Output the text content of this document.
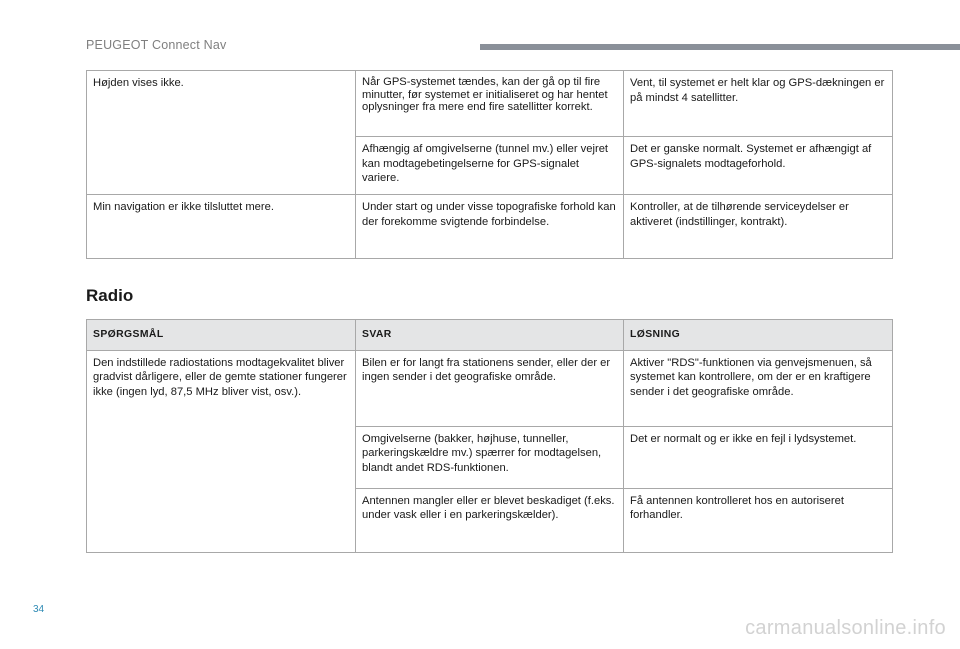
PEUGEOT Connect Nav
Højden vises ikke.	Når GPS-systemet tændes, kan der gå op til fire minutter, før systemet er initialiseret og har hentet oplysninger fra mere end fire satellitter korrekt.	Vent, til systemet er helt klar og GPS-dækningen er på mindst 4 satellitter.
	Afhængig af omgivelserne (tunnel mv.) eller vejret kan modtagebetingelserne for GPS-signalet variere.	Det er ganske normalt. Systemet er afhængigt af GPS-signalets modtageforhold.
Min navigation er ikke tilsluttet mere.	Under start og under visse topografiske forhold kan der forekomme svigtende forbindelse.	Kontroller, at de tilhørende serviceydelser er aktiveret (indstillinger, kontrakt).
Radio
SPØRGSMÅL	SVAR	LØSNING
Den indstillede radiostations modtagekvalitet bliver gradvist dårligere, eller de gemte stationer fungerer ikke (ingen lyd, 87,5 MHz bliver vist, osv.).	Bilen er for langt fra stationens sender, eller der er ingen sender i det geografiske område.	Aktiver "RDS"-funktionen via genvejsmenuen, så systemet kan kontrollere, om der er en kraftigere sender i det geografiske område.
	Omgivelserne (bakker, højhuse, tunneller, parkeringskældre mv.) spærrer for modtagelsen, blandt andet RDS-funktionen.	Det er normalt og er ikke en fejl i lydsystemet.
	Antennen mangler eller er blevet beskadiget (f.eks. under vask eller i en parkeringskælder).	Få antennen kontrolleret hos en autoriseret forhandler.
34
carmanualsonline.info
